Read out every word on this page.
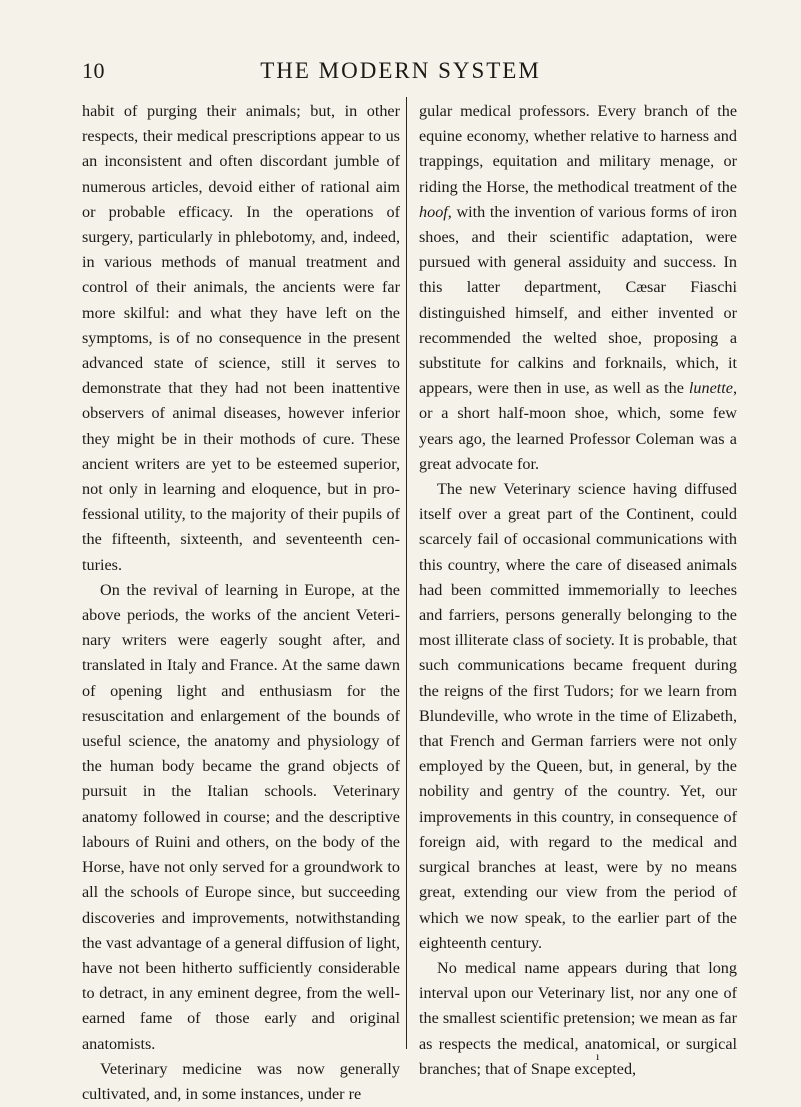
10	THE MODERN SYSTEM

habit of purging their animals; but, in other respects, their medical prescriptions appear to us an inconsistent and often discordant jumble of numerous articles, devoid either of rational aim or probable efficacy. In the operations of surgery, particularly in phlebotomy, and, indeed, in various methods of manual treatment and control of their animals, the ancients were far more skilful: and what they have left on the symptoms, is of no consequence in the present advanced state of science, still it serves to demonstrate that they had not been inattentive observers of animal diseases, however inferior they might be in their mothods of cure. These ancient writers are yet to be esteemed superior, not only in learning and eloquence, but in professional utility, to the majority of their pupils of the fifteenth, sixteenth, and seventeenth centuries.

On the revival of learning in Europe, at the above periods, the works of the ancient Veterinary writers were eagerly sought after, and translated in Italy and France. At the same dawn of opening light and enthusiasm for the resuscitation and enlargement of the bounds of useful science, the anatomy and physiology of the human body became the grand objects of pursuit in the Italian schools. Veterinary anatomy followed in course; and the descriptive labours of Ruini and others, on the body of the Horse, have not only served for a groundwork to all the schools of Europe since, but succeeding discoveries and improvements, notwithstanding the vast advantage of a general diffusion of light, have not been hitherto sufficiently considerable to detract, in any eminent degree, from the well-earned fame of those early and original anatomists.

Veterinary medicine was now generally cultivated, and, in some instances, under re

gular medical professors. Every branch of the equine economy, whether relative to harness and trappings, equitation and military menage, or riding the Horse, the methodical treatment of the hoof, with the invention of various forms of iron shoes, and their scientific adaptation, were pursued with general assiduity and success. In this latter department, Cæsar Fiaschi distinguished himself, and either invented or recommended the welted shoe, proposing a substitute for calkins and forknails, which, it appears, were then in use, as well as the lunette, or a short half-moon shoe, which, some few years ago, the learned Professor Coleman was a great advocate for.

The new Veterinary science having diffused itself over a great part of the Continent, could scarcely fail of occasional communications with this country, where the care of diseased animals had been committed immemorially to leeches and farriers, persons generally belonging to the most illiterate class of society. It is probable, that such communications became frequent during the reigns of the first Tudors; for we learn from Blundeville, who wrote in the time of Elizabeth, that French and German farriers were not only employed by the Queen, but, in general, by the nobility and gentry of the country. Yet, our improvements in this country, in consequence of foreign aid, with regard to the medical and surgical branches at least, were by no means great, extending our view from the period of which we now speak, to the earlier part of the eighteenth century.

No medical name appears during that long interval upon our Veterinary list, nor any one of the smallest scientific pretension; we mean as far as respects the medical, anatomical, or surgical branches; that of Snape excepted,

ı
